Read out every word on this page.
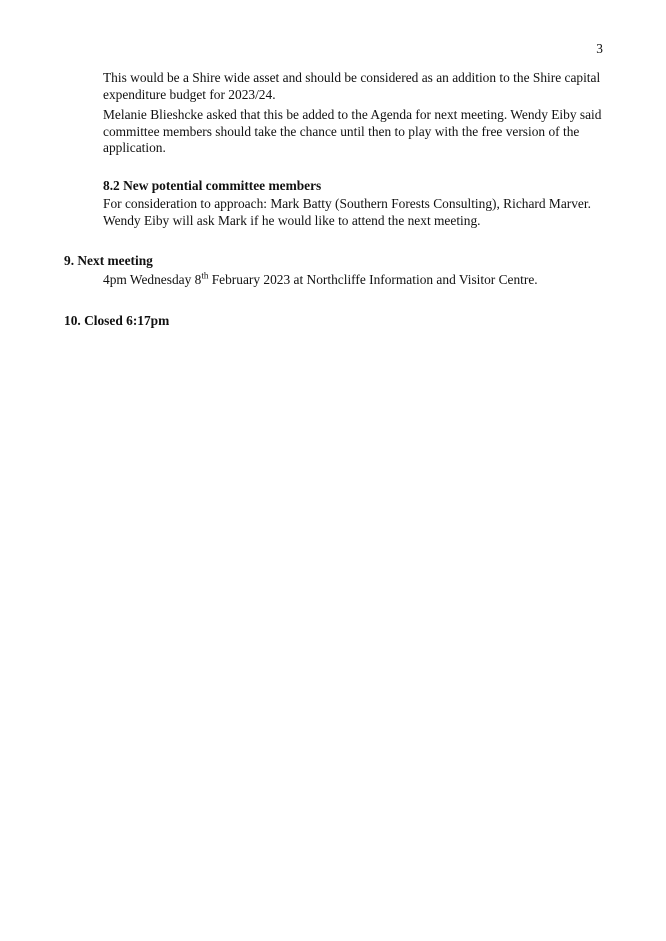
3

This would be a Shire wide asset and should be considered as an addition to the Shire capital expenditure budget for 2023/24.

Melanie Blieshcke asked that this be added to the Agenda for next meeting. Wendy Eiby said committee members should take the chance until then to play with the free version of the application.

8.2 New potential committee members

For consideration to approach: Mark Batty (Southern Forests Consulting), Richard Marver. Wendy Eiby will ask Mark if he would like to attend the next meeting.

9. Next meeting

4pm Wednesday 8th February 2023 at Northcliffe Information and Visitor Centre.

10. Closed 6:17pm
